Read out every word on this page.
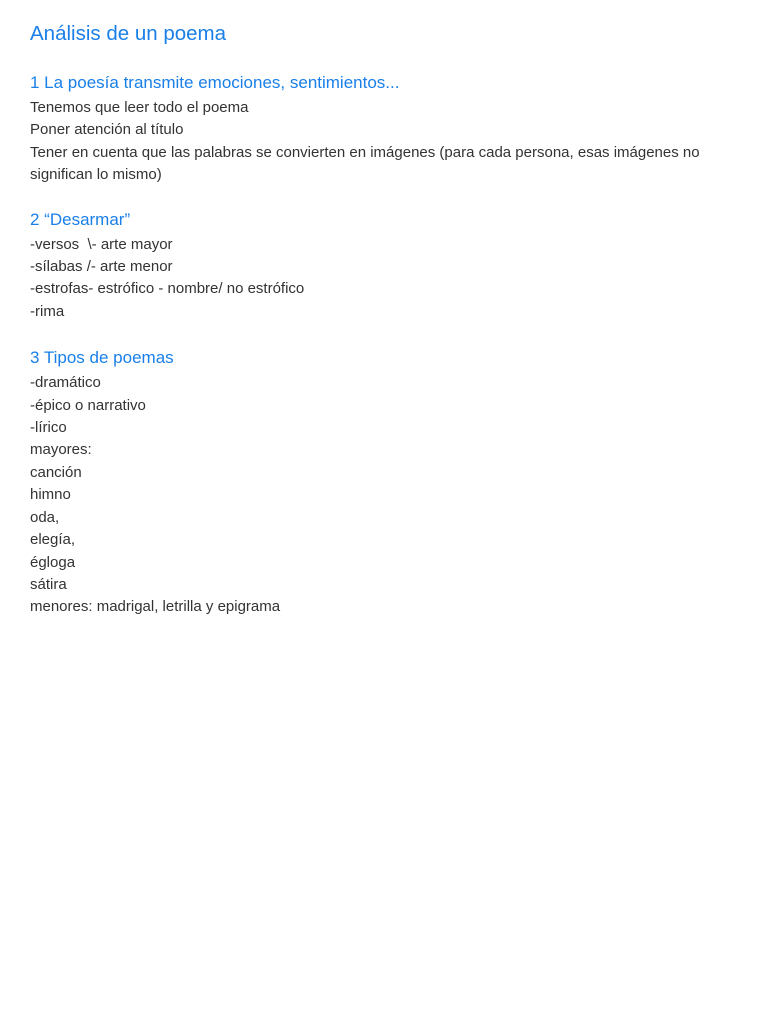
Análisis de un poema
1 La poesía transmite emociones, sentimientos...
Tenemos que leer todo el poema
Poner atención al título
Tener en cuenta que las palabras se convierten en imágenes (para cada persona, esas imágenes no significan lo mismo)
2 “Desarmar”
-versos  \- arte mayor
-sílabas /- arte menor
-estrofas- estrófico - nombre/ no estrófico
-rima
3 Tipos de poemas
-dramático
-épico o narrativo
-lírico
mayores:
canción
himno
oda,
elegía,
égloga
sátira
menores: madrigal, letrilla y epigrama
